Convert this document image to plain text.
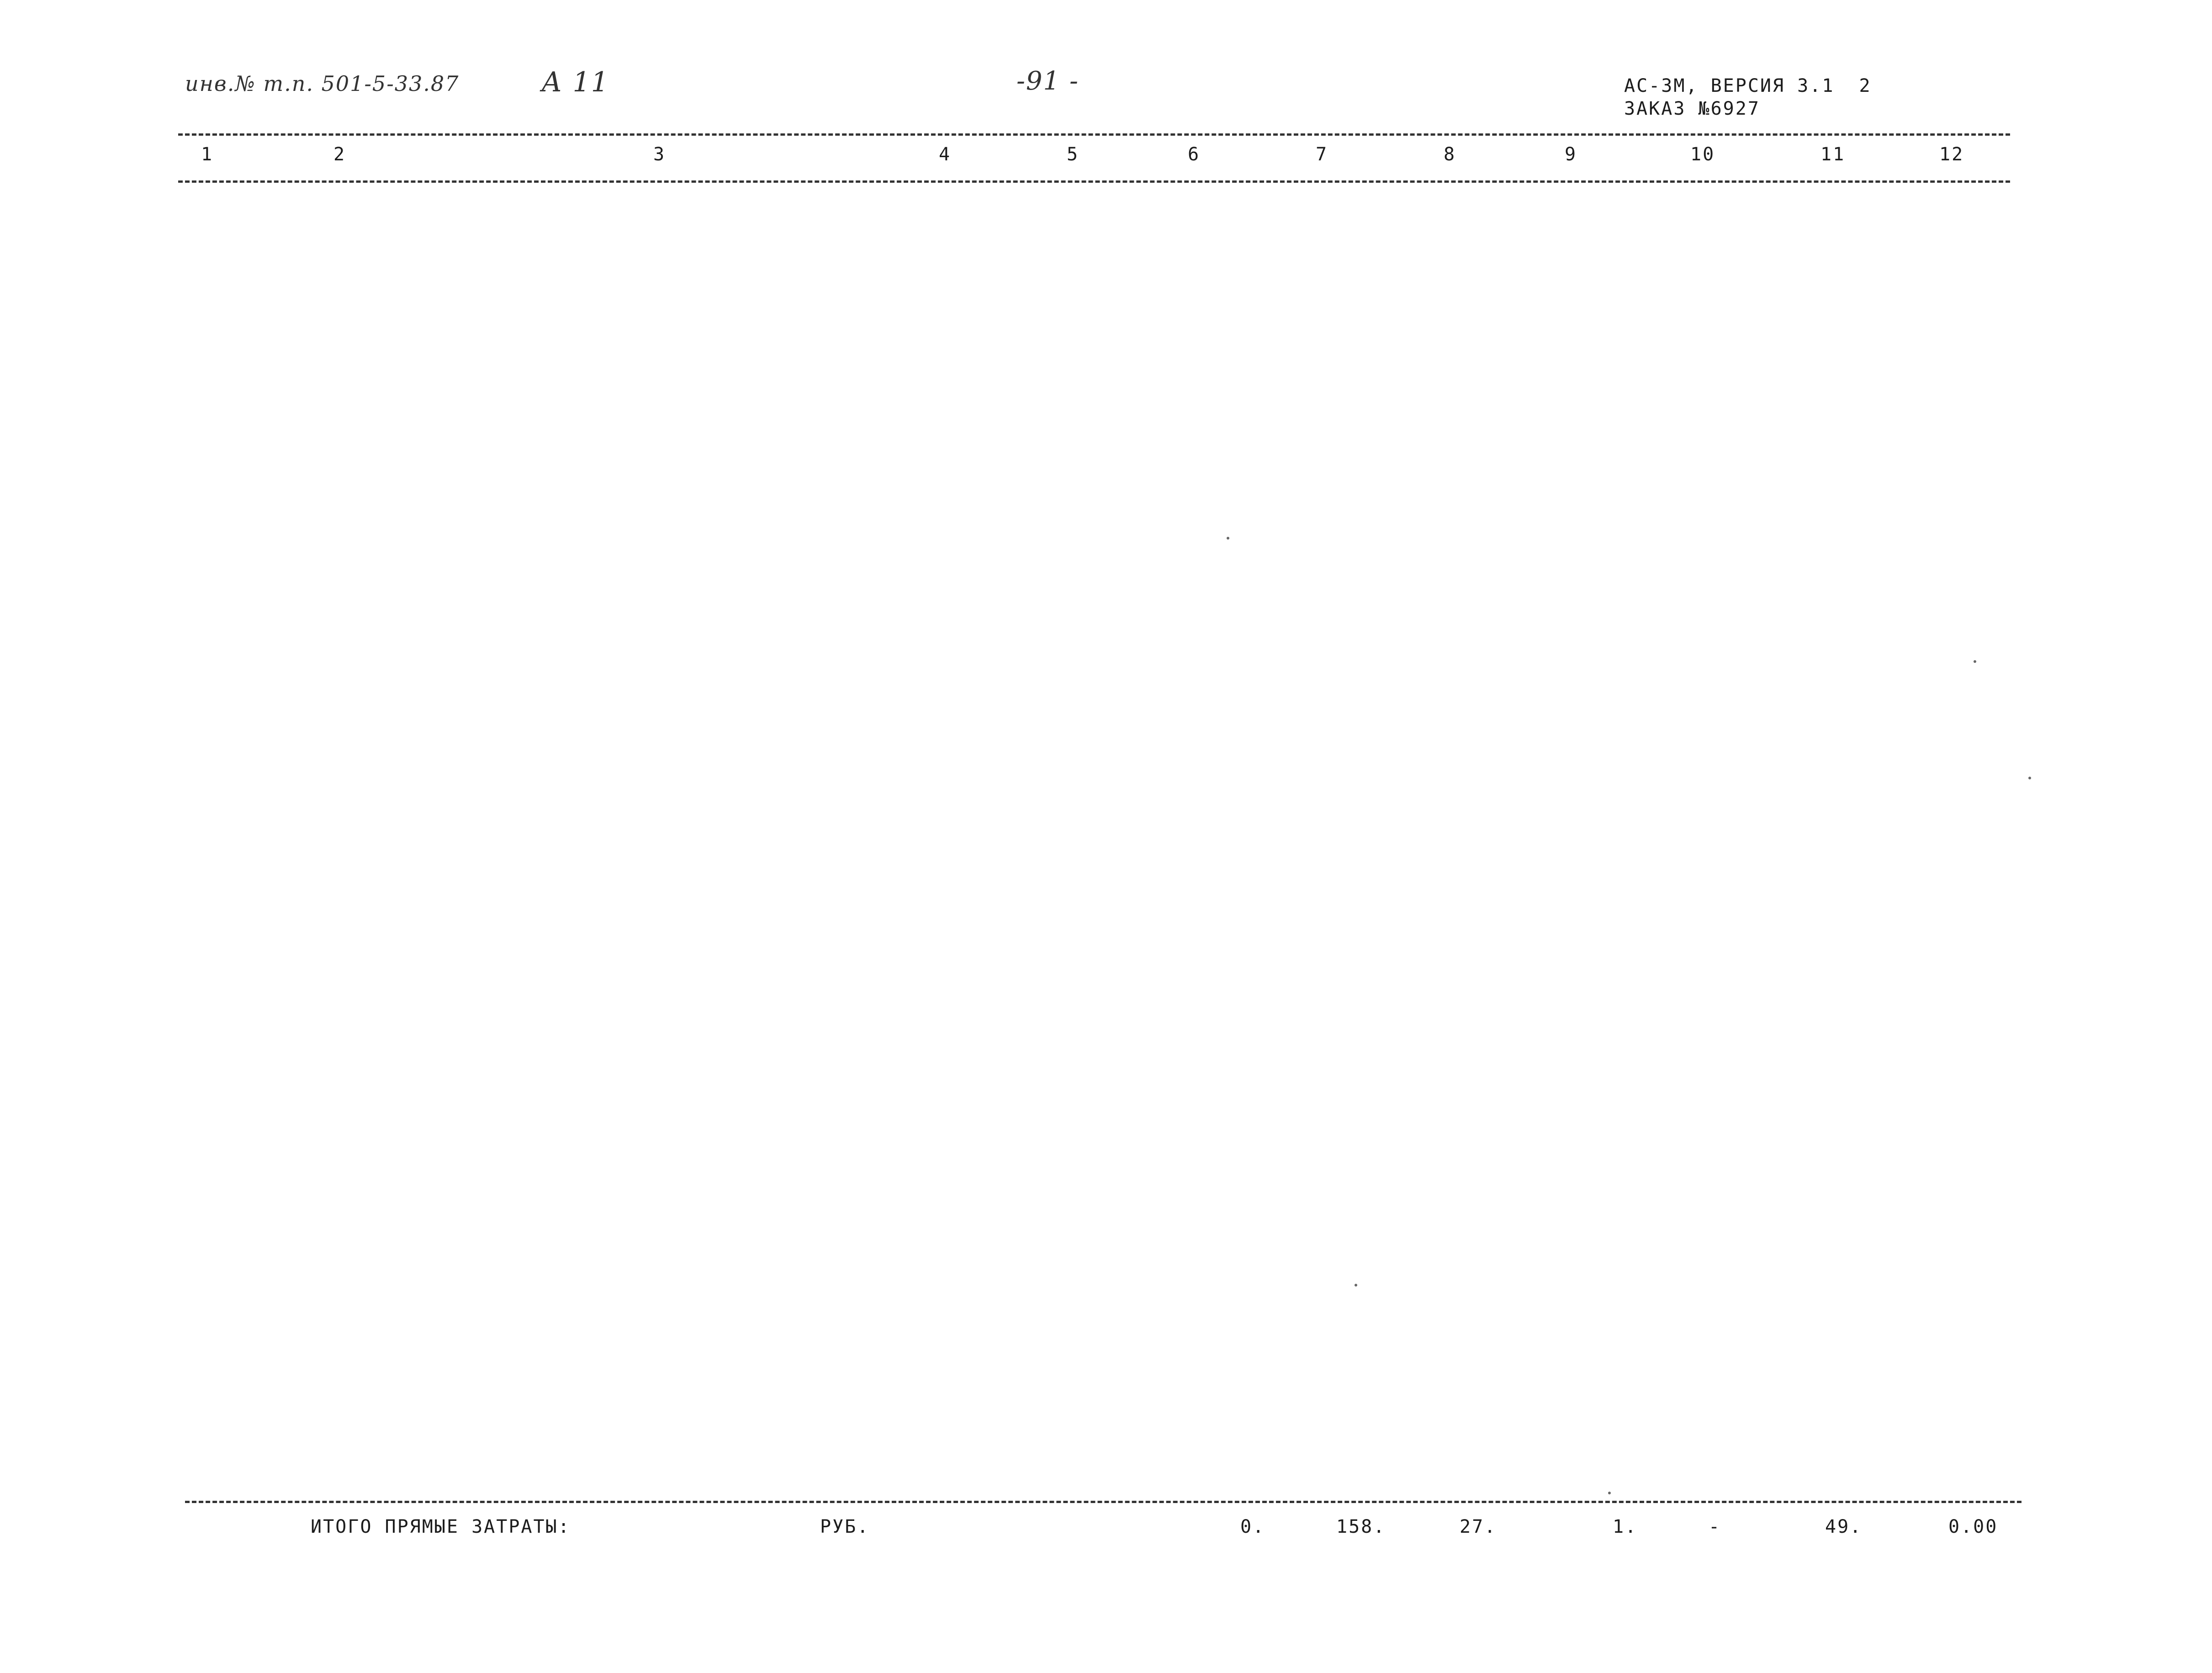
инв.№ т.п. 501-5-33.87	А 11	-91 -	АС-3М, ВЕРСИЯ 3.1  2
ЗАКАЗ №6927
1	2	3	4	5	6	7	8	9	10	11	12
ИТОГО ПРЯМЫЕ ЗАТРАТЫ:	РУБ.	0.	158.	27.	1.	-	49.	0.00
